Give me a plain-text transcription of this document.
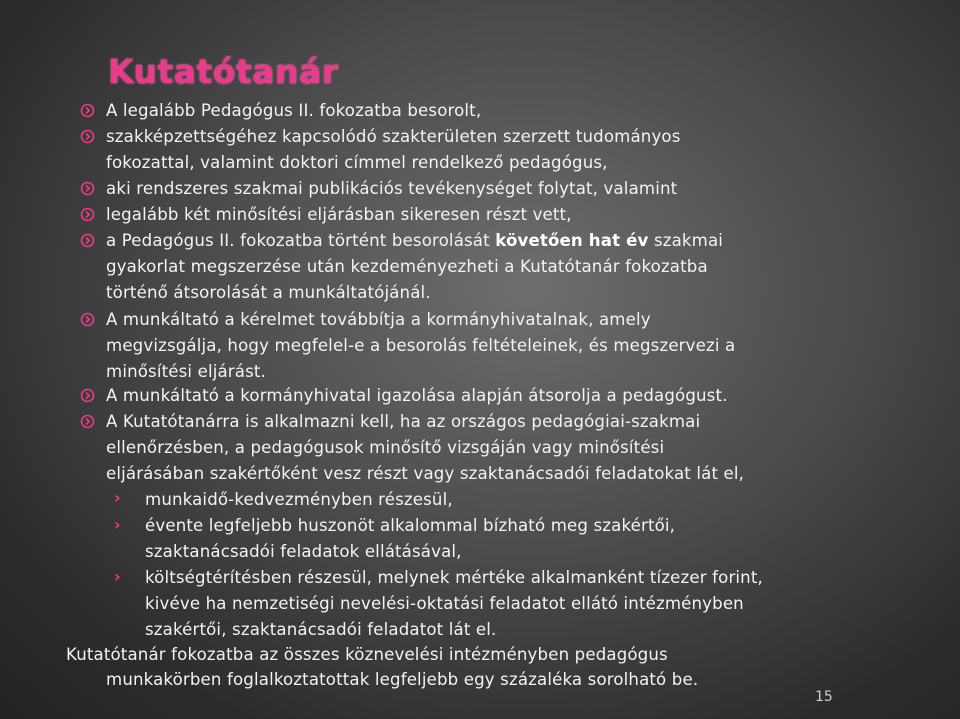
Kutatótanár
A legalább Pedagógus II. fokozatba besorolt,
szakképzettségéhez kapcsolódó szakterületen szerzett tudományos
fokozattal, valamint doktori címmel rendelkező pedagógus,
aki rendszeres szakmai publikációs tevékenységet folytat, valamint
legalább két minősítési eljárásban sikeresen részt vett,
a Pedagógus II. fokozatba történt besorolását követően hat év szakmai
gyakorlat megszerzése után kezdeményezheti a Kutatótanár fokozatba
történő átsorolását a munkáltatójánál.
A munkáltató a kérelmet továbbítja a kormányhivatalnak, amely
megvizsgálja, hogy megfelel-e a besorolás feltételeinek, és megszervezi a
minősítési eljárást.
A munkáltató a kormányhivatal igazolása alapján átsorolja a pedagógust.
A Kutatótanárra is alkalmazni kell, ha az országos pedagógiai-szakmai
ellenőrzésben, a pedagógusok minősítő vizsgáján vagy minősítési
eljárásában szakértőként vesz részt vagy szaktanácsadói feladatokat lát el,
›
›
›
munkaidő-kedvezményben részesül,
évente legfeljebb huszonöt alkalommal bízható meg szakértői,
szaktanácsadói feladatok ellátásával,
költségtérítésben részesül, melynek mértéke alkalmanként tízezer forint,
kivéve ha nemzetiségi nevelési-oktatási feladatot ellátó intézményben
szakértői, szaktanácsadói feladatot lát el.
Kutatótanár fokozatba az összes köznevelési intézményben pedagógus
munkakörben foglalkoztatottak legfeljebb egy százaléka sorolható be.
15
